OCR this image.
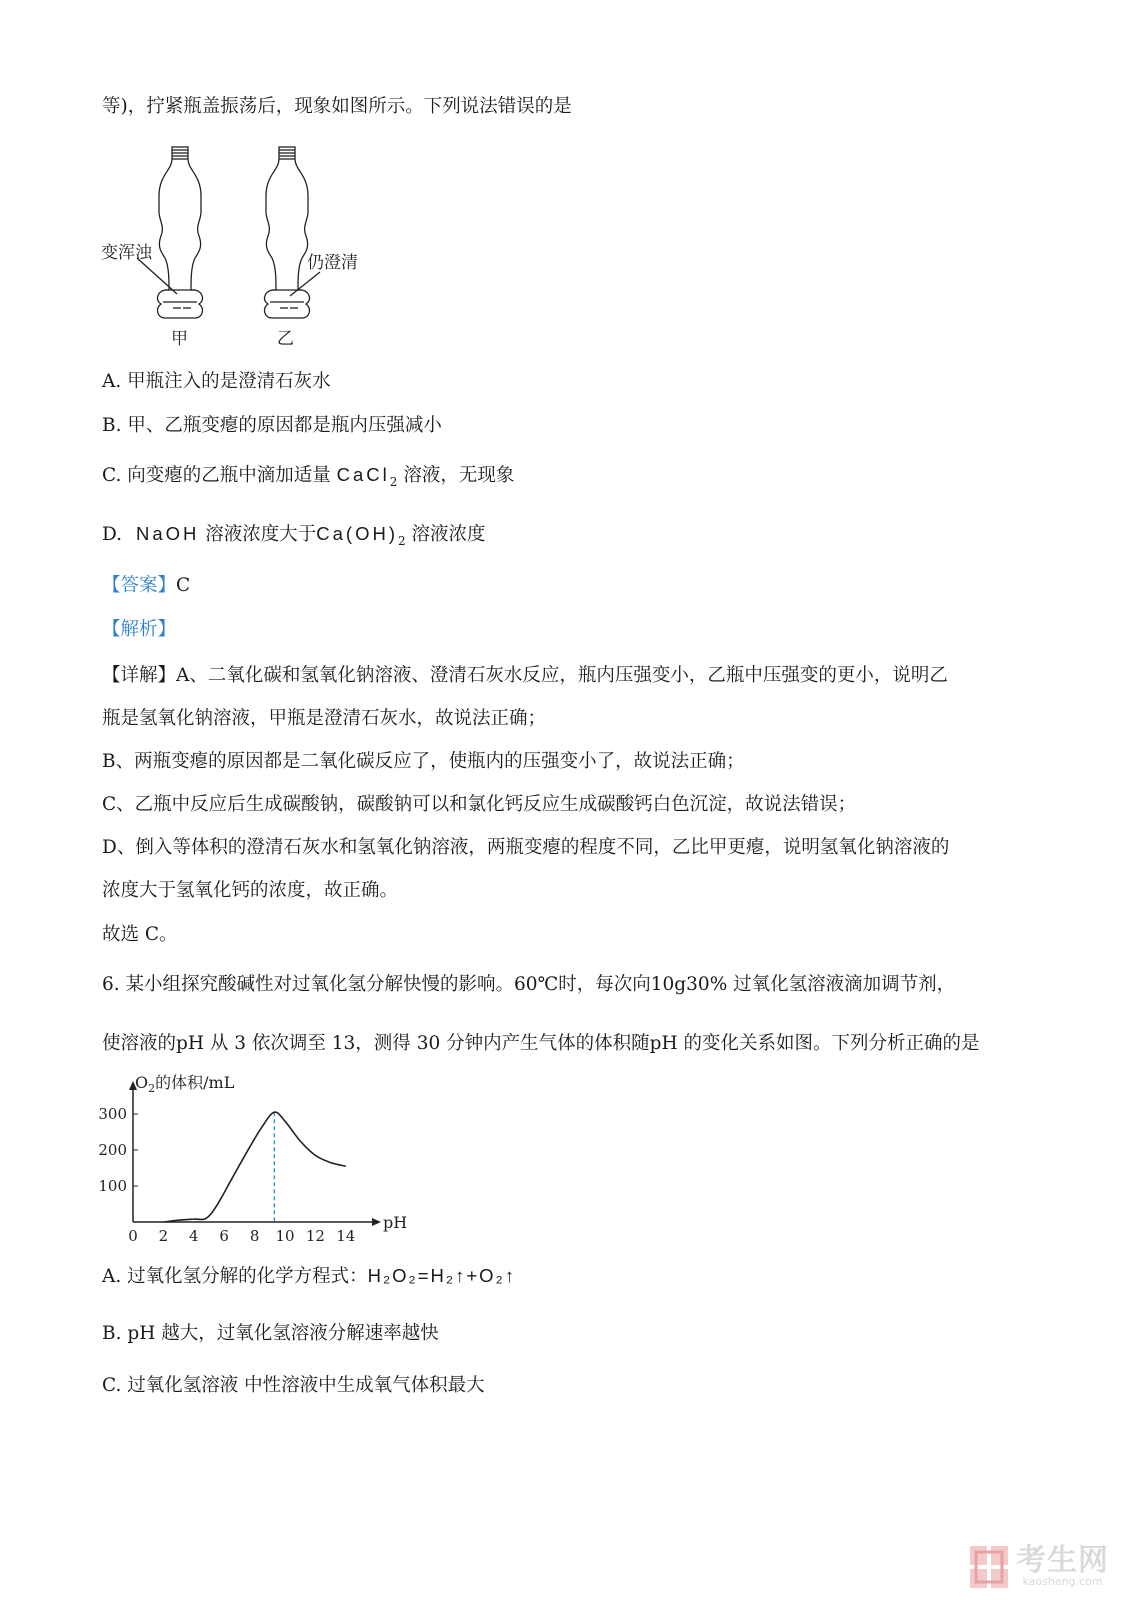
等)，拧紧瓶盖振荡后，现象如图所示。下列说法错误的是
变浑浊	仍澄清
甲	乙
A. 甲瓶注入的是澄清石灰水
B. 甲、乙瓶变瘪的原因都是瓶内压强减小
C. 向变瘪的乙瓶中滴加适量 CaCl$_2$ 溶液，无现象
D. NaOH 溶液浓度大于$Ca(OH)_2$ 溶液浓度
【答案】C
【解析】
【详解】A、二氧化碳和氢氧化钠溶液、澄清石灰水反应，瓶内压强变小，乙瓶中压强变的更小，说明乙
瓶是氢氧化钠溶液，甲瓶是澄清石灰水，故说法正确；
B、两瓶变瘪的原因都是二氧化碳反应了，使瓶内的压强变小了，故说法正确；
C、乙瓶中反应后生成碳酸钠，碳酸钠可以和氯化钙反应生成碳酸钙白色沉淀，故说法错误；
D、倒入等体积的澄清石灰水和氢氧化钠溶液，两瓶变瘪的程度不同，乙比甲更瘪，说明氢氧化钠溶液的
浓度大于氢氧化钙的浓度，故正确。
故选 C。
6. 某小组探究酸碱性对过氧化氢分解快慢的影响。60℃时，每次向10g30% 过氧化氢溶液滴加调节剂，
使溶液的pH 从 3 依次调至 13，测得 30 分钟内产生气体的体积随pH 的变化关系如图。下列分析正确的是
$O_2$的体积/mL
pH
0 2 4 6 8 10 12 14
100
200
300
A. 过氧化氢分解的化学方程式：H₂O₂=H₂↑+O₂↑
B. pH 越大，过氧化氢溶液分解速率越快
C. 过氧化氢溶液 中性溶液中生成氧气体积最大
考生网
kaosheng.com
